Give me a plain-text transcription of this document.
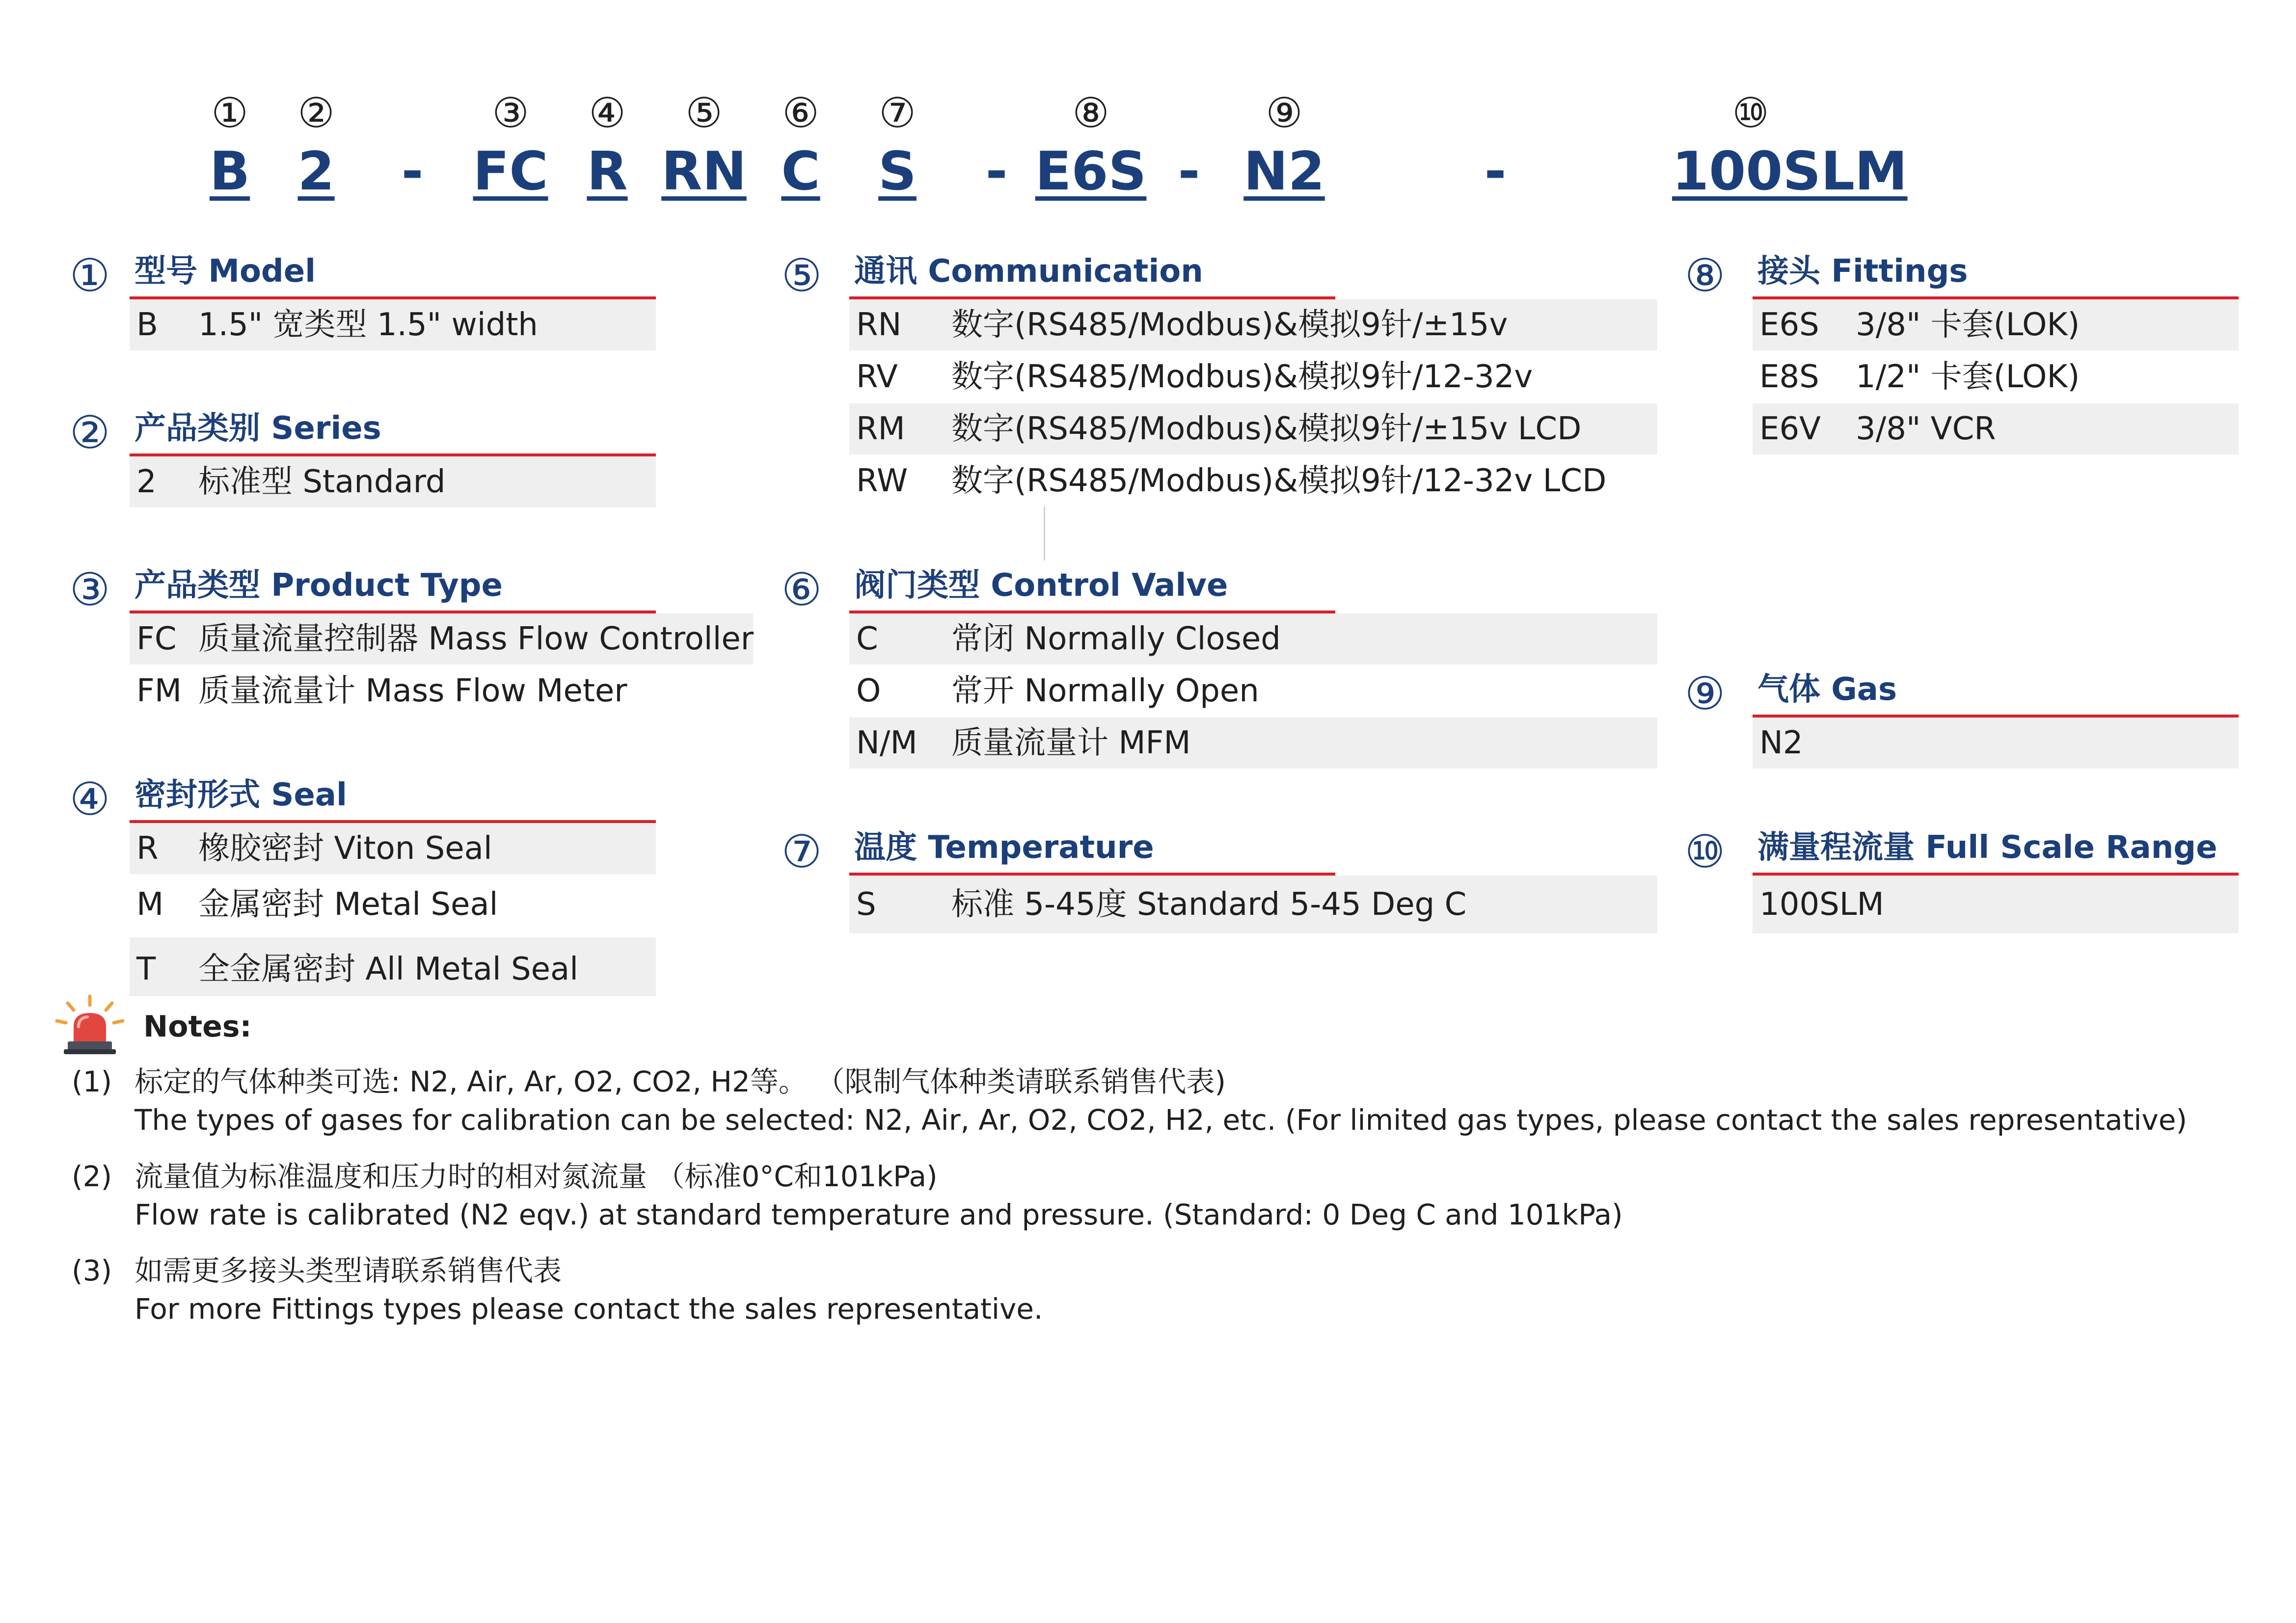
①	②	③	④	⑤	⑥	⑦	⑧	⑨	⑩
B 2	- FC R RN C	S	- E6S - N2	-	100SLM
① 型号 Model
B 1.5" 宽类型 1.5" width
② 产品类别 Series
2 标准型 Standard
③ 产品类型 Product Type
FC 质量流量控制器 Mass Flow Controller
FM 质量流量计 Mass Flow Meter
④ 密封形式 Seal
R 橡胶密封 Viton Seal
M 金属密封 Metal Seal
T 全金属密封 All Metal Seal
⑤ 通讯 Communication
RN 数字(RS485/Modbus)&模拟9针/±15v
RV 数字(RS485/Modbus)&模拟9针/12-32v
RM 数字(RS485/Modbus)&模拟9针/±15v LCD
RW 数字(RS485/Modbus)&模拟9针/12-32v LCD
⑥ 阀门类型 Control Valve
C 常闭 Normally Closed
O 常开 Normally Open
N/M 质量流量计 MFM
⑦ 温度 Temperature
S 标准 5-45度 Standard 5-45 Deg C
⑧ 接头 Fittings
E6S 3/8" 卡套(LOK)
E8S 1/2" 卡套(LOK)
E6V 3/8" VCR
⑨ 气体 Gas
N2
⑩ 满量程流量 Full Scale Range
100SLM
Notes:
(1) 标定的气体种类可选: N2, Air, Ar, O2, CO2, H2等。 （限制气体种类请联系销售代表)
The types of gases for calibration can be selected: N2, Air, Ar, O2, CO2, H2, etc. (For limited gas types, please contact the sales representative)
(2) 流量值为标准温度和压力时的相对氮流量 （标准0°C和101kPa)
Flow rate is calibrated (N2 eqv.) at standard temperature and pressure. (Standard: 0 Deg C and 101kPa)
(3) 如需更多接头类型请联系销售代表
For more Fittings types please contact the sales representative.
